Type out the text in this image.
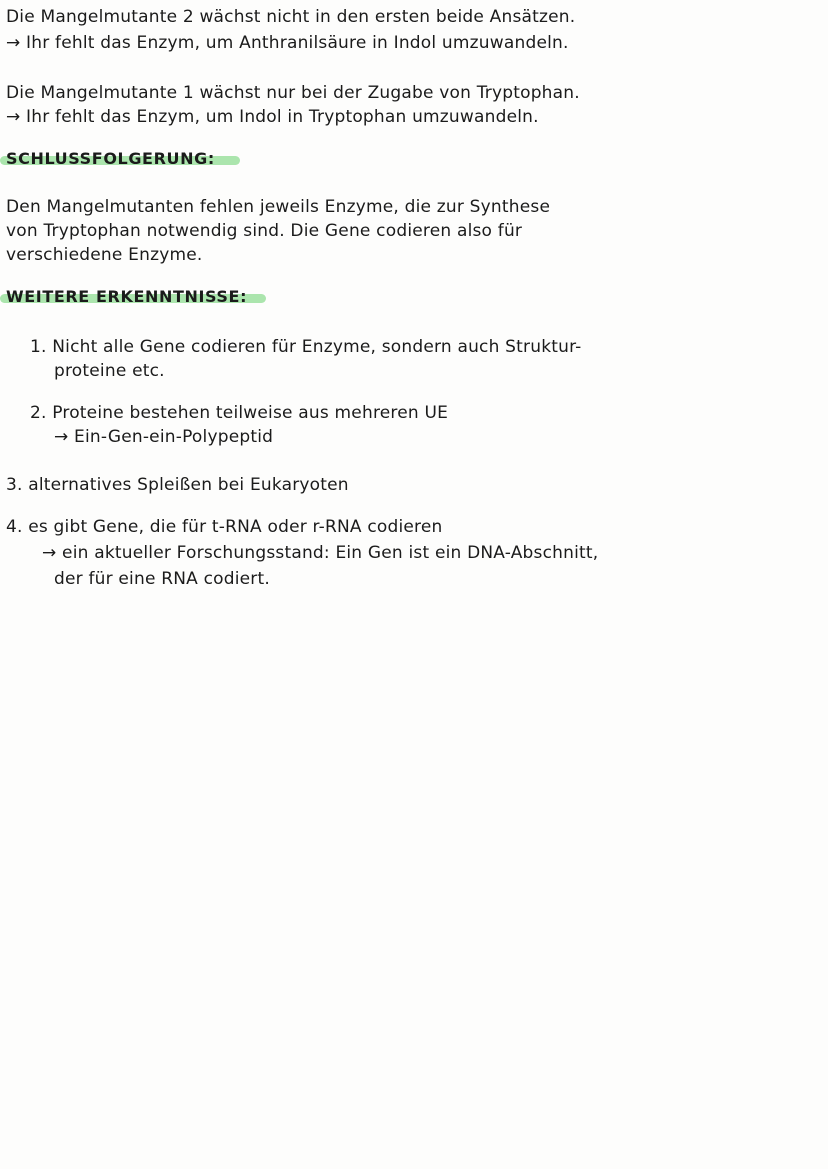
Die Mangelmutante 2 wächst nicht in den ersten beide Ansätzen.
→ Ihr fehlt das Enzym, um Anthranilsäure in Indol umzuwandeln.
Die Mangelmutante 1 wächst nur bei der Zugabe von Tryptophan.
→ Ihr fehlt das Enzym, um Indol in Tryptophan umzuwandeln.
SCHLUSSFOLGERUNG:
Den Mangelmutanten fehlen jeweils Enzyme, die zur Synthese
von Tryptophan notwendig sind. Die Gene codieren also für
verschiedene Enzyme.
WEITERE ERKENNTNISSE:
1. Nicht alle Gene codieren für Enzyme, sondern auch Struktur-
proteine etc.
2. Proteine bestehen teilweise aus mehreren UE
→ Ein-Gen-ein-Polypeptid
3. alternatives Spleißen bei Eukaryoten
4. es gibt Gene, die für t-RNA oder r-RNA codieren
→ ein aktueller Forschungsstand: Ein Gen ist ein DNA-Abschnitt,
der für eine RNA codiert.
